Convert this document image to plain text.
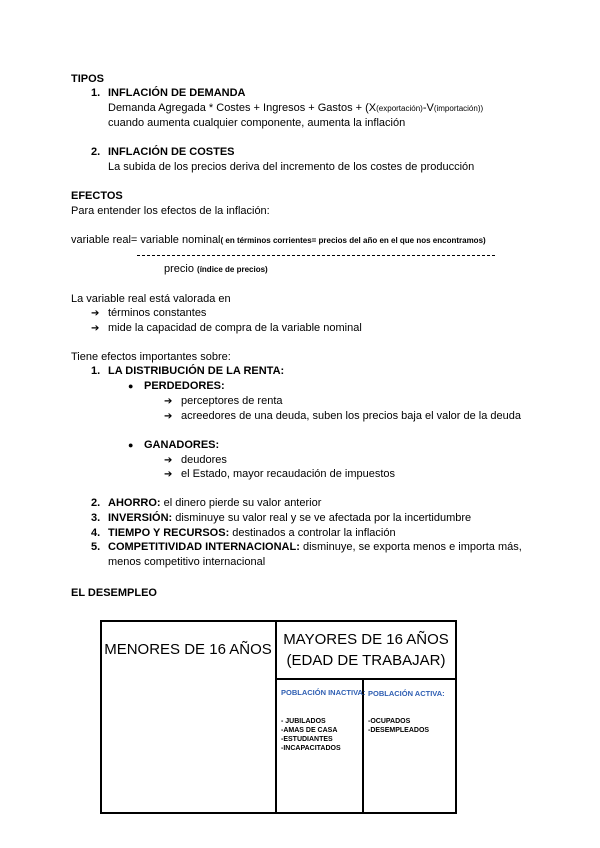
TIPOS
1. INFLACIÓN DE DEMANDA
Demanda Agregada * Costes + Ingresos + Gastos + (X(exportación)-V(importación))
cuando aumenta cualquier componente, aumenta la inflación
2. INFLACIÓN DE COSTES
La subida de los precios deriva del incremento de los costes de producción
EFECTOS
Para entender los efectos de la inflación:
variable real= variable nominal( en términos corrientes= precios del año en el que nos encontramos)
precio (índice de precios)
La variable real está valorada en
➔ términos constantes
➔ mide la capacidad de compra de la variable nominal
Tiene efectos importantes sobre:
1. LA DISTRIBUCIÓN DE LA RENTA:
● PERDEDORES:
➔ perceptores de renta
➔ acreedores de una deuda, suben los precios baja el valor de la deuda
● GANADORES:
➔ deudores
➔ el Estado, mayor recaudación de impuestos
2. AHORRO: el dinero pierde su valor anterior
3. INVERSIÓN: disminuye su valor real y se ve afectada por la incertidumbre
4. TIEMPO Y RECURSOS: destinados a controlar la inflación
5. COMPETITIVIDAD INTERNACIONAL: disminuye, se exporta menos e importa más,
menos competitivo internacional
EL DESEMPLEO
MENORES DE 16 AÑOS
MAYORES DE 16 AÑOS
(EDAD DE TRABAJAR)
POBLACIÓN INACTIVA:
- JUBILADOS
-AMAS DE CASA
-ESTUDIANTES
-INCAPACITADOS
POBLACIÓN ACTIVA:
-OCUPADOS
-DESEMPLEADOS
